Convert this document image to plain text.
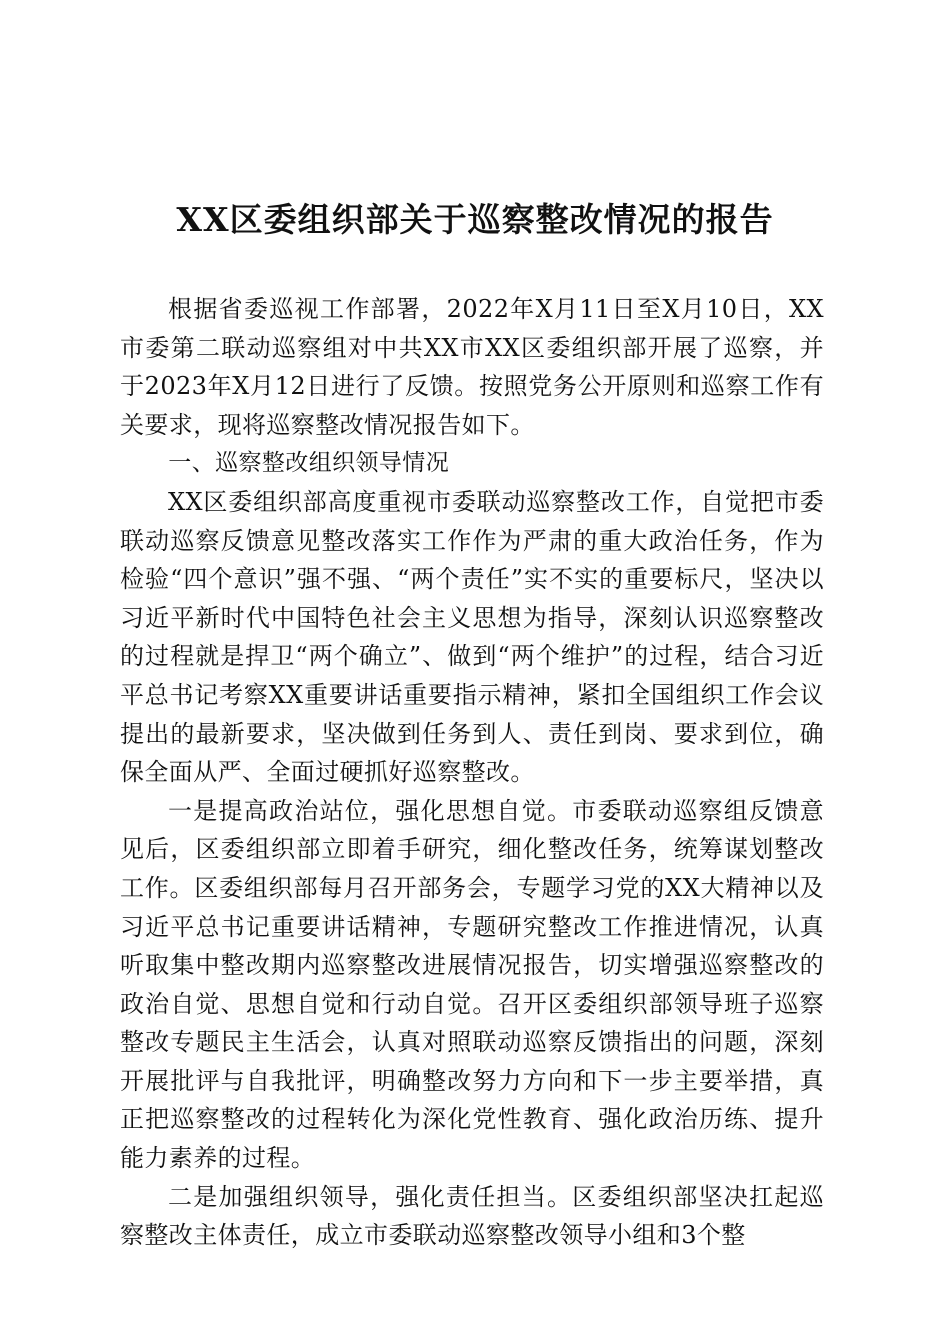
XX区委组织部关于巡察整改情况的报告

根据省委巡视工作部署，2022年X月11日至X月10日，XX市委第二联动巡察组对中共XX市XX区委组织部开展了巡察，并于2023年X月12日进行了反馈。按照党务公开原则和巡察工作有关要求，现将巡察整改情况报告如下。

一、巡察整改组织领导情况

XX区委组织部高度重视市委联动巡察整改工作，自觉把市委联动巡察反馈意见整改落实工作作为严肃的重大政治任务，作为检验“四个意识”强不强、“两个责任”实不实的重要标尺，坚决以习近平新时代中国特色社会主义思想为指导，深刻认识巡察整改的过程就是捍卫“两个确立”、做到“两个维护”的过程，结合习近平总书记考察XX重要讲话重要指示精神，紧扣全国组织工作会议提出的最新要求，坚决做到任务到人、责任到岗、要求到位，确保全面从严、全面过硬抓好巡察整改。

一是提高政治站位，强化思想自觉。市委联动巡察组反馈意见后，区委组织部立即着手研究，细化整改任务，统筹谋划整改工作。区委组织部每月召开部务会，专题学习党的XX大精神以及习近平总书记重要讲话精神，专题研究整改工作推进情况，认真听取集中整改期内巡察整改进展情况报告，切实增强巡察整改的政治自觉、思想自觉和行动自觉。召开区委组织部领导班子巡察整改专题民主生活会，认真对照联动巡察反馈指出的问题，深刻开展批评与自我批评，明确整改努力方向和下一步主要举措，真正把巡察整改的过程转化为深化党性教育、强化政治历练、提升能力素养的过程。

二是加强组织领导，强化责任担当。区委组织部坚决扛起巡察整改主体责任，成立市委联动巡察整改领导小组和3个整
